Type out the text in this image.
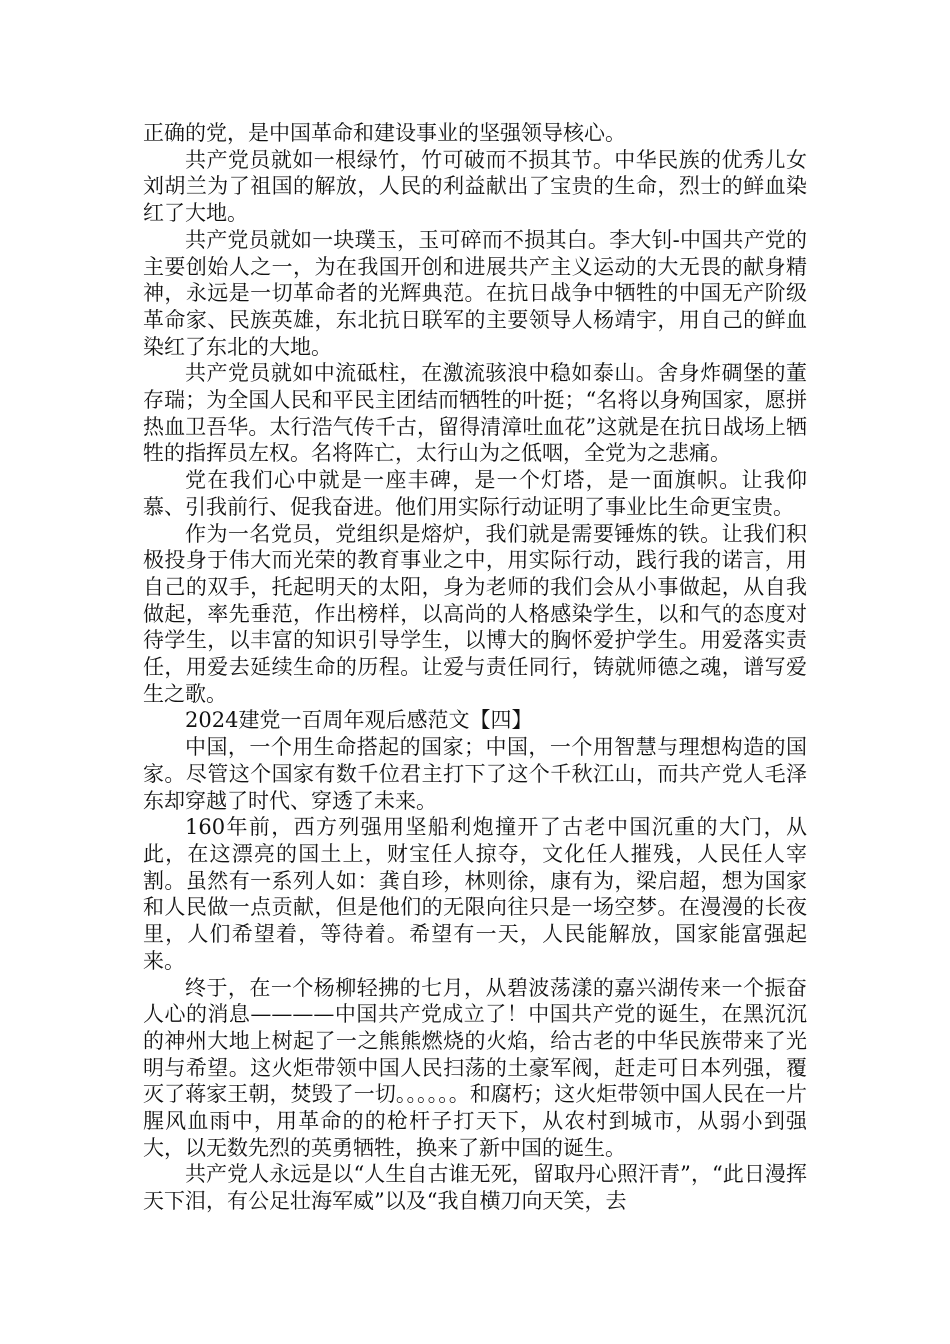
正确的党，是中国革命和建设事业的坚强领导核心。

共产党员就如一根绿竹，竹可破而不损其节。中华民族的优秀儿女刘胡兰为了祖国的解放，人民的利益献出了宝贵的生命，烈士的鲜血染红了大地。

共产党员就如一块璞玉，玉可碎而不损其白。李大钊-中国共产党的主要创始人之一，为在我国开创和进展共产主义运动的大无畏的献身精神，永远是一切革命者的光辉典范。在抗日战争中牺牲的中国无产阶级革命家、民族英雄，东北抗日联军的主要领导人杨靖宇，用自己的鲜血染红了东北的大地。

共产党员就如中流砥柱，在激流骇浪中稳如泰山。舍身炸碉堡的董存瑞；为全国人民和平民主团结而牺牲的叶挺；“名将以身殉国家，愿拼热血卫吾华。太行浩气传千古，留得清漳吐血花”这就是在抗日战场上牺牲的指挥员左权。名将阵亡，太行山为之低咽，全党为之悲痛。

党在我们心中就是一座丰碑，是一个灯塔，是一面旗帜。让我仰慕、引我前行、促我奋进。他们用实际行动证明了事业比生命更宝贵。

作为一名党员，党组织是熔炉，我们就是需要锤炼的铁。让我们积极投身于伟大而光荣的教育事业之中，用实际行动，践行我的诺言，用自己的双手，托起明天的太阳，身为老师的我们会从小事做起，从自我做起，率先垂范，作出榜样，以高尚的人格感染学生，以和气的态度对待学生，以丰富的知识引导学生，以博大的胸怀爱护学生。用爱落实责任，用爱去延续生命的历程。让爱与责任同行，铸就师德之魂，谱写爱生之歌。

2024建党一百周年观后感范文【四】

中国，一个用生命搭起的国家；中国，一个用智慧与理想构造的国家。尽管这个国家有数千位君主打下了这个千秋江山，而共产党人毛泽东却穿越了时代、穿透了未来。

160年前，西方列强用坚船利炮撞开了古老中国沉重的大门，从此，在这漂亮的国土上，财宝任人掠夺，文化任人摧残，人民任人宰割。虽然有一系列人如：龚自珍，林则徐，康有为，梁启超，想为国家和人民做一点贡献，但是他们的无限向往只是一场空梦。在漫漫的长夜里，人们希望着，等待着。希望有一天，人民能解放，国家能富强起来。

终于，在一个杨柳轻拂的七月，从碧波荡漾的嘉兴湖传来一个振奋人心的消息————中国共产党成立了！中国共产党的诞生，在黑沉沉的神州大地上树起了一之熊熊燃烧的火焰，给古老的中华民族带来了光明与希望。这火炬带领中国人民扫荡的土豪军阀，赶走可日本列强，覆灭了蒋家王朝，焚毁了一切。。。。。。和腐朽；这火炬带领中国人民在一片腥风血雨中，用革命的的枪杆子打天下，从农村到城市，从弱小到强大，以无数先烈的英勇牺牲，换来了新中国的诞生。

共产党人永远是以“人生自古谁无死，留取丹心照汗青”，“此日漫挥天下泪，有公足壮海军威”以及“我自横刀向天笑，去
